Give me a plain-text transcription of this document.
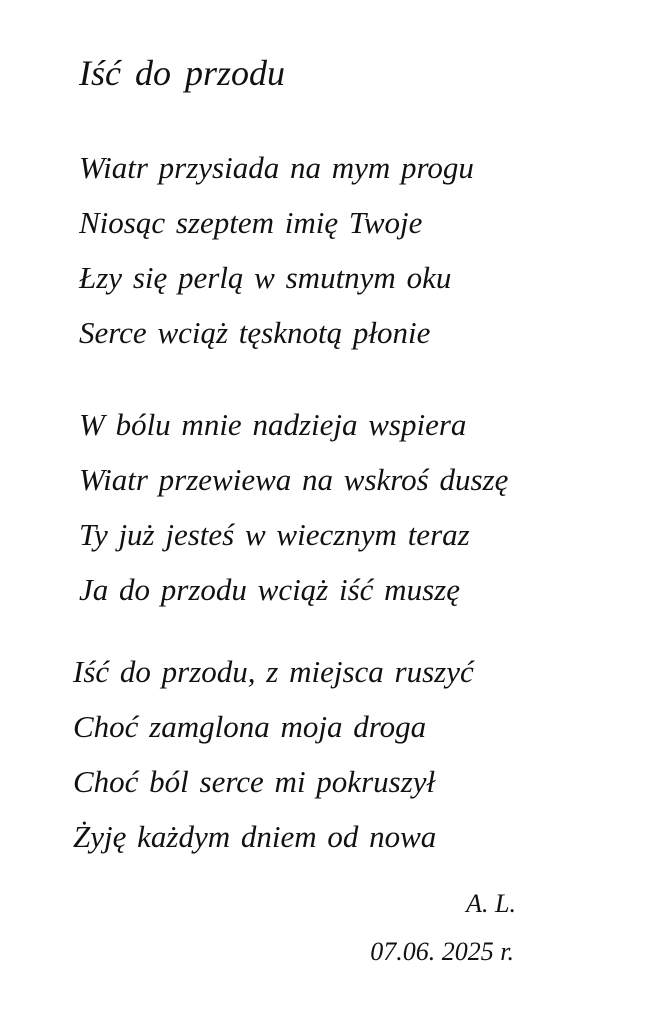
Iść do przodu
Wiatr przysiada na mym progu
Niosąc szeptem imię Twoje
Łzy się perlą w smutnym oku
Serce wciąż tęsknotą płonie
W bólu mnie nadzieja wspiera
Wiatr przewiewa na wskroś duszę
Ty już jesteś w wiecznym teraz
Ja do przodu wciąż iść muszę
Iść do przodu, z miejsca ruszyć
Choć zamglona moja droga
Choć ból serce mi pokruszył
Żyję każdym dniem od nowa
A. L.
07.06. 2025 r.
